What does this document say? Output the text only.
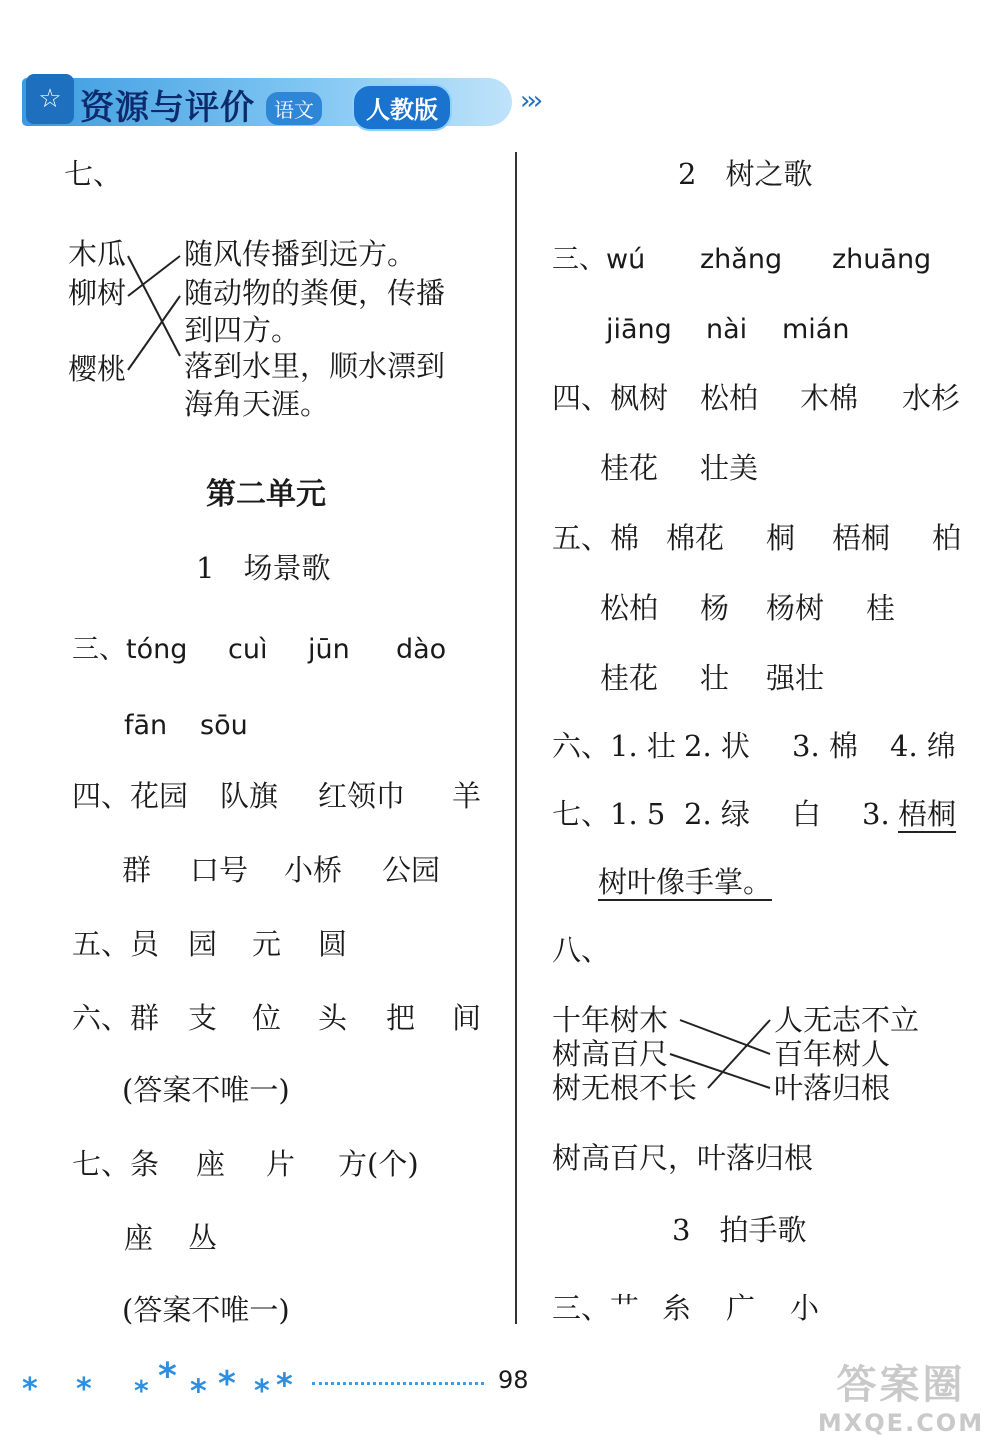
☆ 资源与评价 语文	人教版	›››
七、
木瓜
柳树
樱桃
随风传播到远方。
随动物的粪便，传播
到四方。
落到水里，顺水漂到
海角天涯。
第二单元
1　场景歌
三、tóng cuì jūn dào
fān sōu
四、花园 队旗 红领巾 羊
群 口号 小桥 公园
五、员 园 元 圆
六、群 支 位 头 把 间
(答案不唯一)
七、条 座 片 方(个)
座 丛
(答案不唯一)
2　树之歌
三、wú zhǎng zhuāng
jiāng nài mián
四、枫树 松柏 木棉 水杉
桂花 壮美
五、棉 棉花 桐 梧桐 柏
松柏 杨 杨树 桂
桂花 壮 强壮
六、1. 壮 2. 状 3. 棉 4. 绵
七、1. 5 2. 绿 白 3. 梧桐
树叶像手掌。
八、
十年树木
树高百尺
树无根不长
人无志不立
百年树人
叶落归根
树高百尺，叶落归根
3　拍手歌
三、艹 糸 广 小
* * * * * * * *	98	答案圈
MXQE.COM
